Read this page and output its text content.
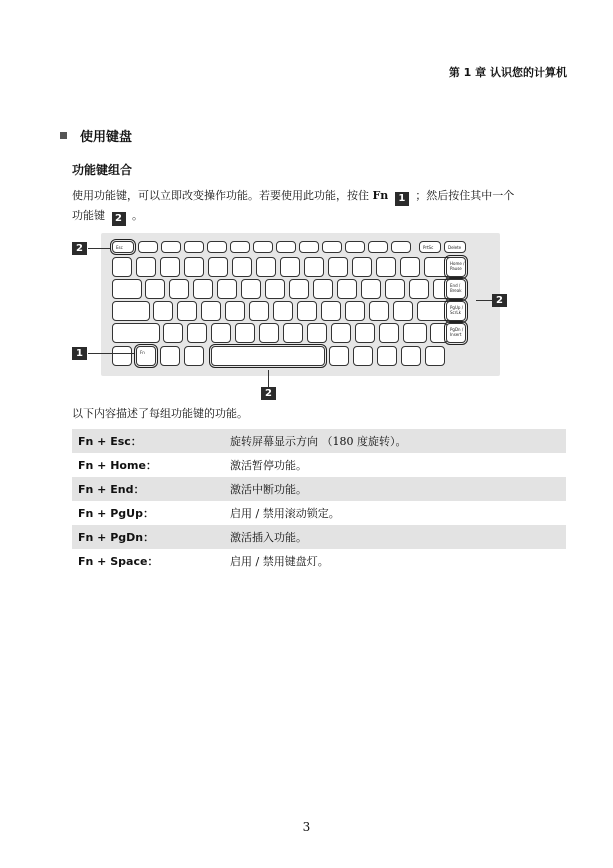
第 1 章 认识您的计算机
使用键盘
功能键组合
使用功能键，可以立即改变操作功能。若要使用此功能，按住 Fn 1 ；然后按住其中一个
功能键 2 。
Esc	PrtSc	Delete
Fn
Home / Pause
End / Break
PgUp / ScrLk
PgDn / Insert
2
2
1
2
以下内容描述了每组功能键的功能。
Fn + Esc：	旋转屏幕显示方向 （180 度旋转）。
Fn + Home：	激活暂停功能。
Fn + End：	激活中断功能。
Fn + PgUp：	启用 / 禁用滚动锁定。
Fn + PgDn：	激活插入功能。
Fn + Space：	启用 / 禁用键盘灯。
3
